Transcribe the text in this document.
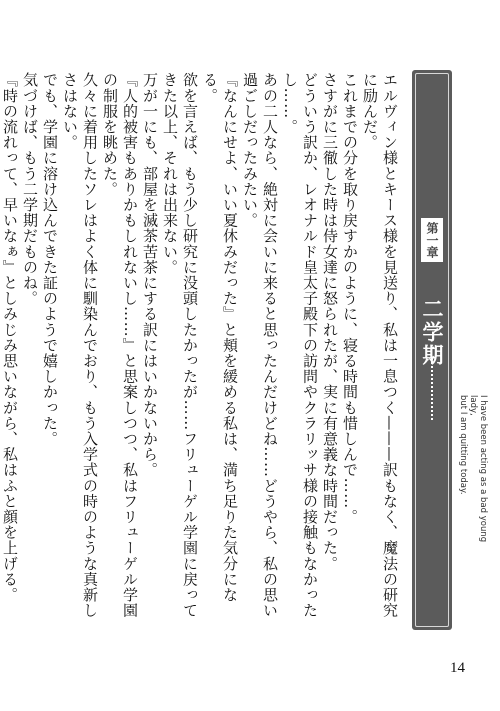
第一章
二学期
I have been acting as a bad young lady,
but I am quitting today.

エルヴィン様とキース様を見送り、私は一息つく———訳もなく、魔法の研究に励んだ。

これまでの分を取り戻すかのように、寝る時間も惜しんで……。

さすがに三徹した時は侍女達に怒られたが、実に有意義な時間だった。

どういう訳か、レオナルド皇太子殿下の訪問やクラリッサ様の接触もなかったし……。

あの二人なら、絶対に会いに来ると思ったんだけどね……どうやら、私の思い過ごしだったみたい。

『なんにせよ、いい夏休みだった』と頬を緩める私は、満ち足りた気分になる。

欲を言えば、もう少し研究に没頭したかったが……フリューゲル学園に戻ってきた以上、それは出来ない。

万が一にも、部屋を滅茶苦茶にする訳にはいかないから。

『人的被害もありかもしれないし……』と思案しつつ、私はフリューゲル学園の制服を眺めた。

久々に着用したソレはよく体に馴染んでおり、もう入学式の時のような真新しさはない。

でも、学園に溶け込んできた証のようで嬉しかった。

気づけば、もう二学期だものね。

『時の流れって、早いなぁ』としみじみ思いながら、私はふと顔を上げる。

14
